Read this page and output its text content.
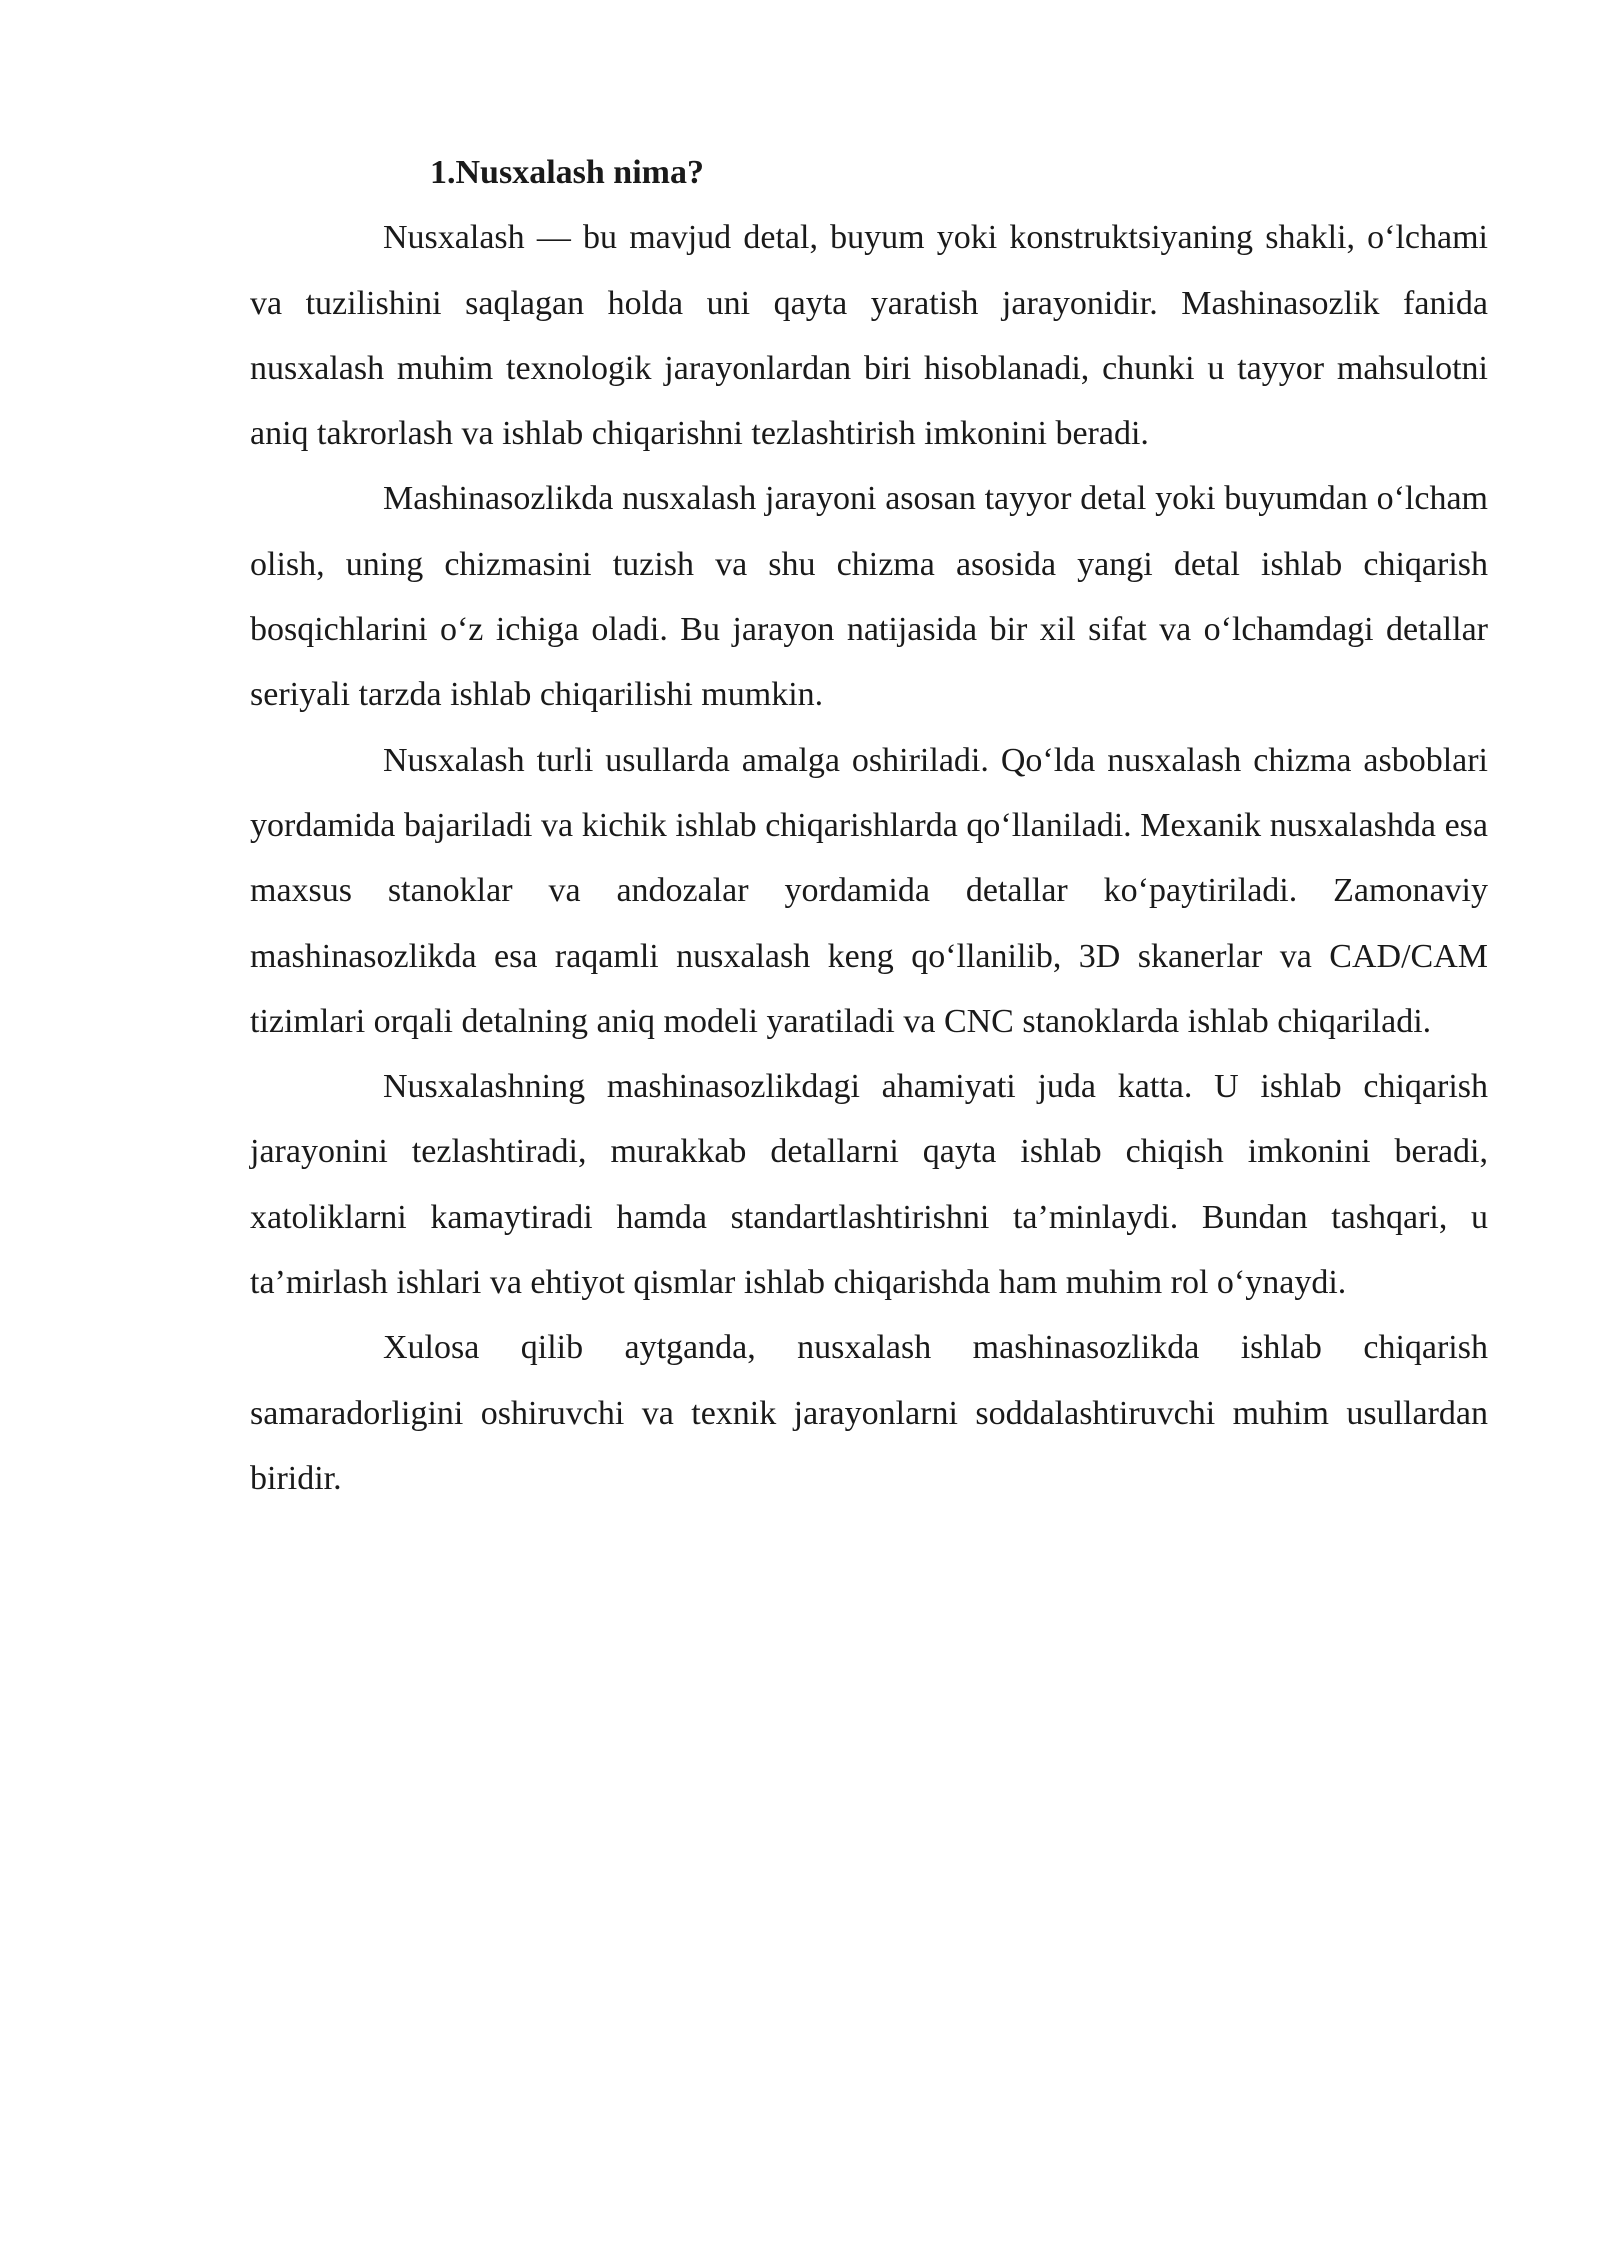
1.Nusxalash nima?

Nusxalash — bu mavjud detal, buyum yoki konstruktsiyaning shakli, o‘lchami va tuzilishini saqlagan holda uni qayta yaratish jarayonidir. Mashinasozlik fanida nusxalash muhim texnologik jarayonlardan biri hisoblanadi, chunki u tayyor mahsulotni aniq takrorlash va ishlab chiqarishni tezlashtirish imkonini beradi.

Mashinasozlikda nusxalash jarayoni asosan tayyor detal yoki buyumdan o‘lcham olish, uning chizmasini tuzish va shu chizma asosida yangi detal ishlab chiqarish bosqichlarini o‘z ichiga oladi. Bu jarayon natijasida bir xil sifat va o‘lchamdagi detallar seriyali tarzda ishlab chiqarilishi mumkin.

Nusxalash turli usullarda amalga oshiriladi. Qo‘lda nusxalash chizma asboblari yordamida bajariladi va kichik ishlab chiqarishlarda qo‘llaniladi. Mexanik nusxalashda esa maxsus stanoklar va andozalar yordamida detallar ko‘paytiriladi. Zamonaviy mashinasozlikda esa raqamli nusxalash keng qo‘llanilib, 3D skanerlar va CAD/CAM tizimlari orqali detalning aniq modeli yaratiladi va CNC stanoklarda ishlab chiqariladi.

Nusxalashning mashinasozlikdagi ahamiyati juda katta. U ishlab chiqarish jarayonini tezlashtiradi, murakkab detallarni qayta ishlab chiqish imkonini beradi, xatoliklarni kamaytiradi hamda standartlashtirishni ta’minlaydi. Bundan tashqari, u ta’mirlash ishlari va ehtiyot qismlar ishlab chiqarishda ham muhim rol o‘ynaydi.

Xulosa qilib aytganda, nusxalash mashinasozlikda ishlab chiqarish samaradorligini oshiruvchi va texnik jarayonlarni soddalashtiruvchi muhim usullardan biridir.
